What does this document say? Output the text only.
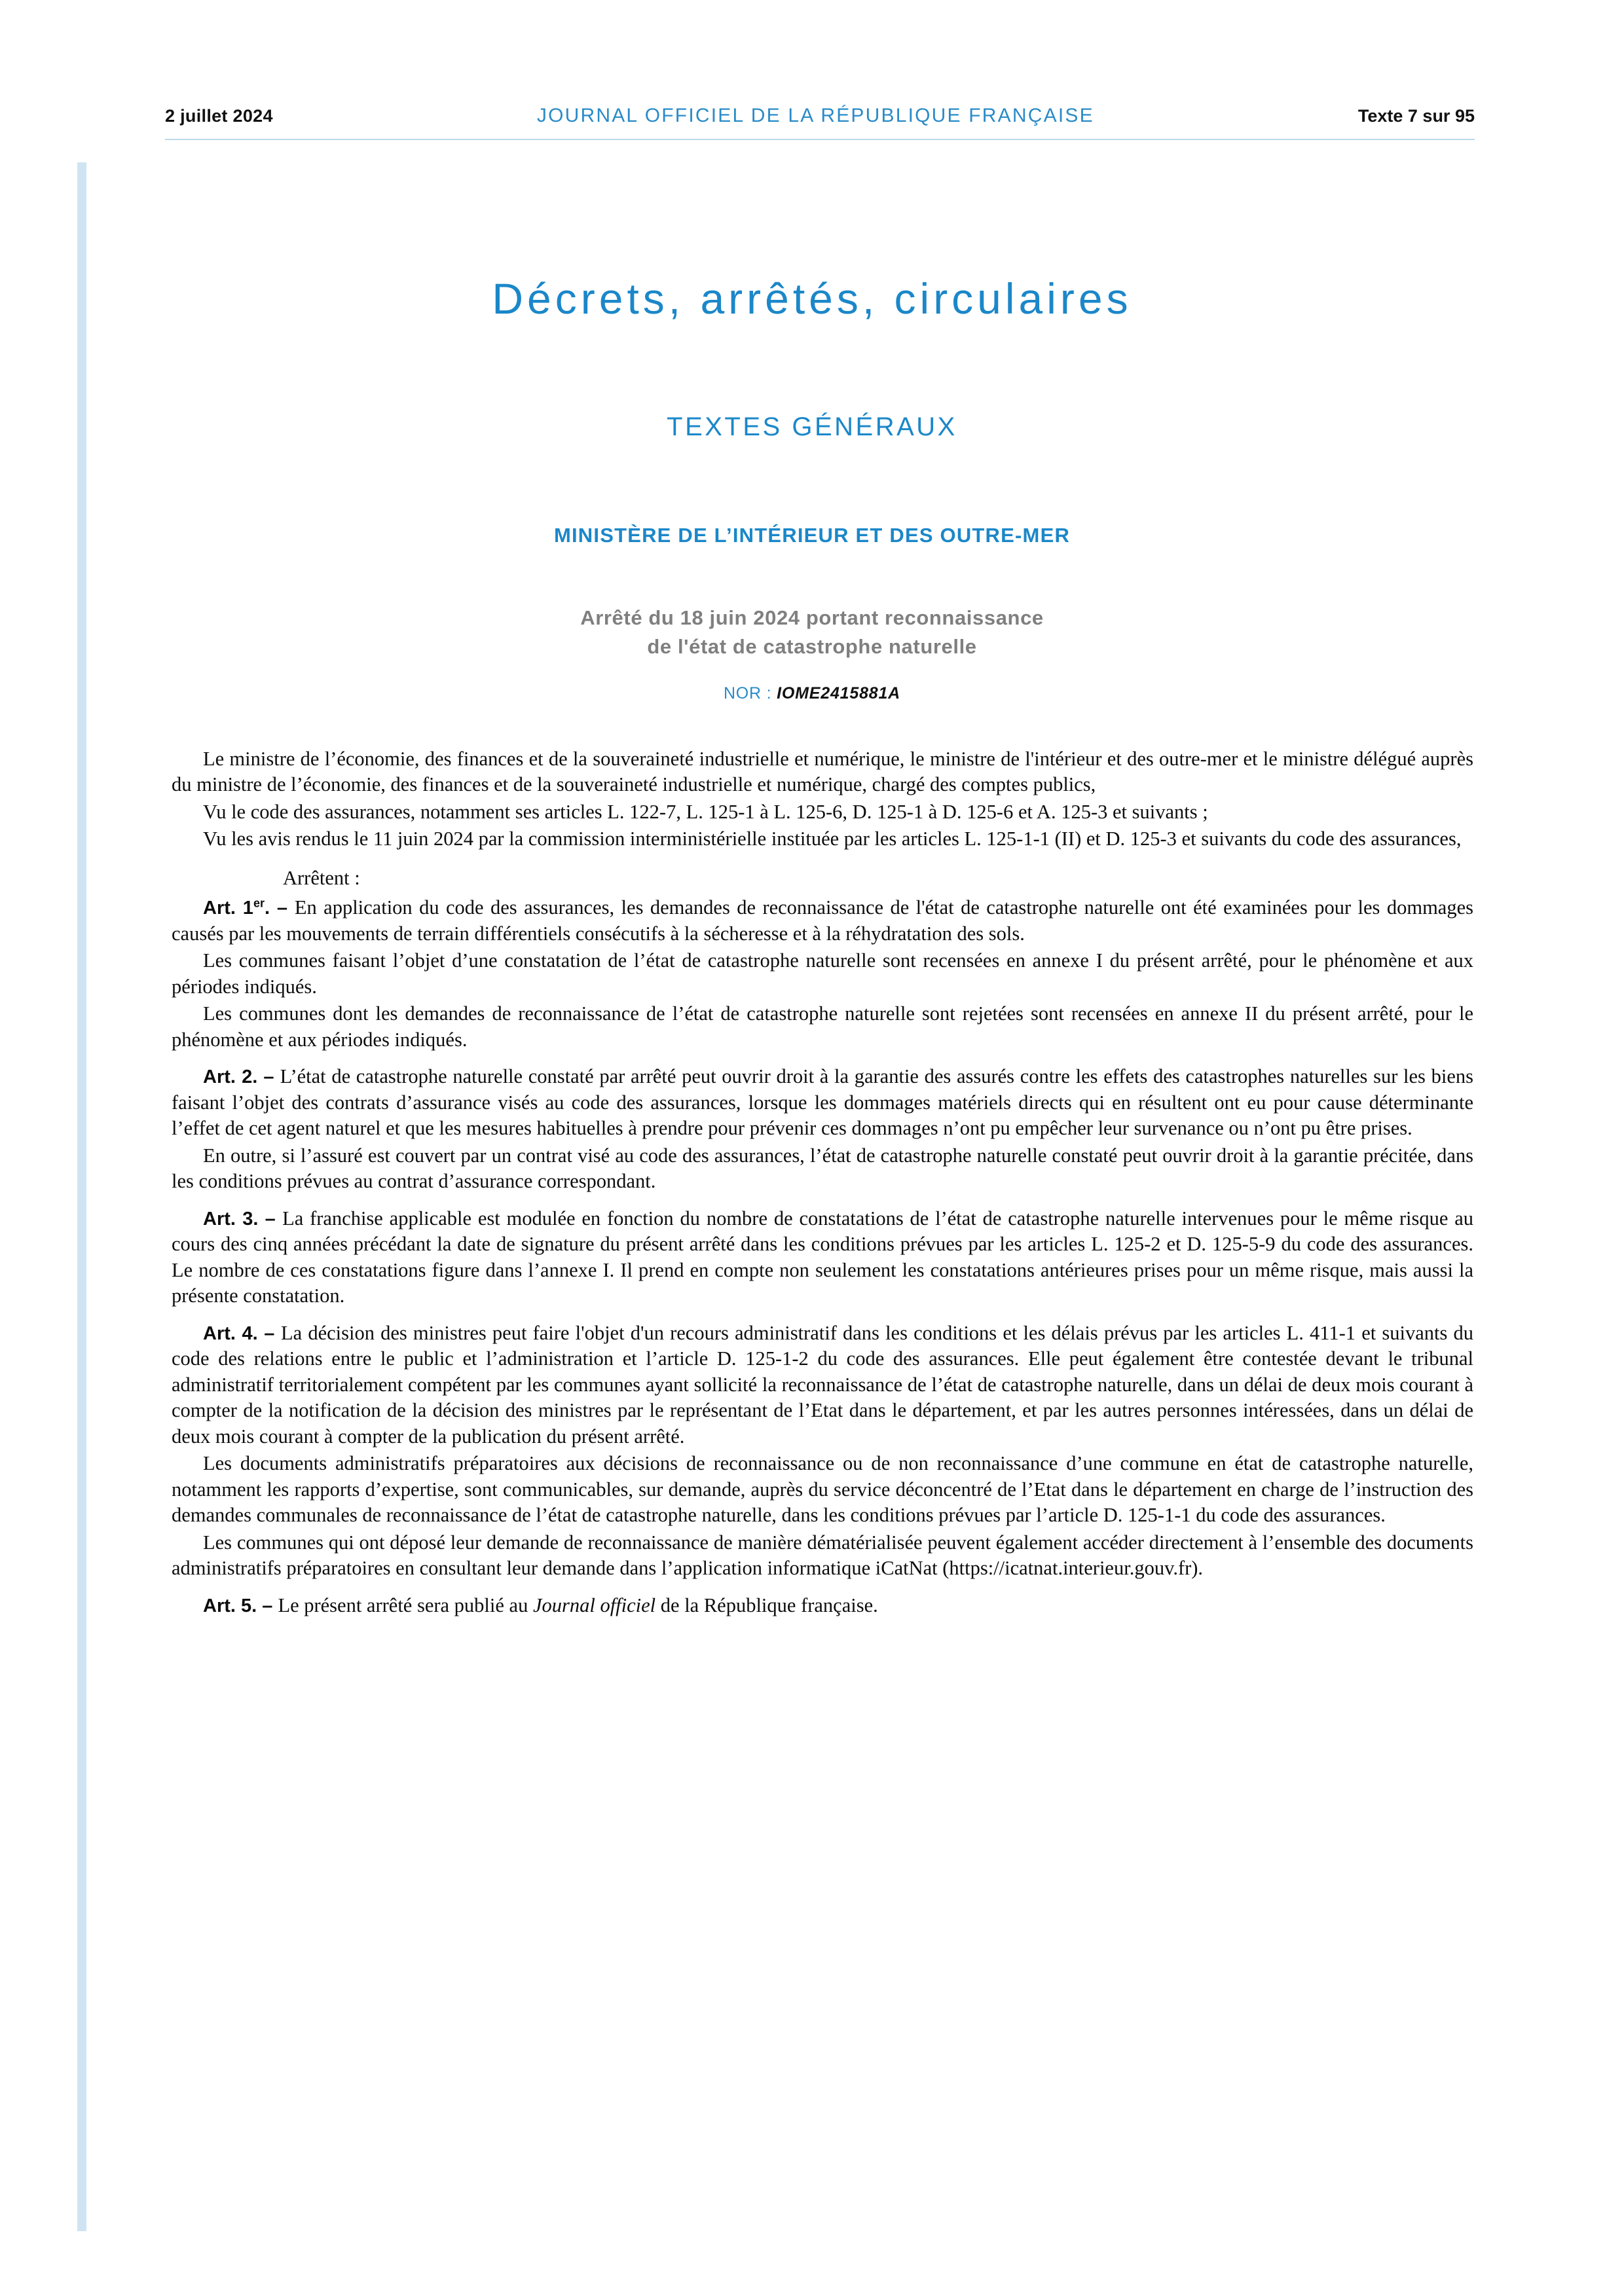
2 juillet 2024	JOURNAL OFFICIEL DE LA RÉPUBLIQUE FRANÇAISE	Texte 7 sur 95
Décrets, arrêtés, circulaires
TEXTES GÉNÉRAUX
MINISTÈRE DE L’INTÉRIEUR ET DES OUTRE-MER
Arrêté du 18 juin 2024 portant reconnaissance
de l'état de catastrophe naturelle
NOR : IOME2415881A

Le ministre de l’économie, des finances et de la souveraineté industrielle et numérique, le ministre de l'intérieur et des outre-mer et le ministre délégué auprès du ministre de l’économie, des finances et de la souveraineté industrielle et numérique, chargé des comptes publics,

Vu le code des assurances, notamment ses articles L. 122-7, L. 125-1 à L. 125-6, D. 125-1 à D. 125-6 et A. 125-3 et suivants ;

Vu les avis rendus le 11 juin 2024 par la commission interministérielle instituée par les articles L. 125-1-1 (II) et D. 125-3 et suivants du code des assurances,

Arrêtent :

Art. 1er. – En application du code des assurances, les demandes de reconnaissance de l'état de catastrophe naturelle ont été examinées pour les dommages causés par les mouvements de terrain différentiels consécutifs à la sécheresse et à la réhydratation des sols.

Les communes faisant l’objet d’une constatation de l’état de catastrophe naturelle sont recensées en annexe I du présent arrêté, pour le phénomène et aux périodes indiqués.

Les communes dont les demandes de reconnaissance de l’état de catastrophe naturelle sont rejetées sont recensées en annexe II du présent arrêté, pour le phénomène et aux périodes indiqués.

Art. 2. – L’état de catastrophe naturelle constaté par arrêté peut ouvrir droit à la garantie des assurés contre les effets des catastrophes naturelles sur les biens faisant l’objet des contrats d’assurance visés au code des assurances, lorsque les dommages matériels directs qui en résultent ont eu pour cause déterminante l’effet de cet agent naturel et que les mesures habituelles à prendre pour prévenir ces dommages n’ont pu empêcher leur survenance ou n’ont pu être prises.

En outre, si l’assuré est couvert par un contrat visé au code des assurances, l’état de catastrophe naturelle constaté peut ouvrir droit à la garantie précitée, dans les conditions prévues au contrat d’assurance correspondant.

Art. 3. – La franchise applicable est modulée en fonction du nombre de constatations de l’état de catastrophe naturelle intervenues pour le même risque au cours des cinq années précédant la date de signature du présent arrêté dans les conditions prévues par les articles L. 125-2 et D. 125-5-9 du code des assurances. Le nombre de ces constatations figure dans l’annexe I. Il prend en compte non seulement les constatations antérieures prises pour un même risque, mais aussi la présente constatation.

Art. 4. – La décision des ministres peut faire l'objet d'un recours administratif dans les conditions et les délais prévus par les articles L. 411-1 et suivants du code des relations entre le public et l’administration et l’article D. 125-1-2 du code des assurances. Elle peut également être contestée devant le tribunal administratif territorialement compétent par les communes ayant sollicité la reconnaissance de l’état de catastrophe naturelle, dans un délai de deux mois courant à compter de la notification de la décision des ministres par le représentant de l’Etat dans le département, et par les autres personnes intéressées, dans un délai de deux mois courant à compter de la publication du présent arrêté.

Les documents administratifs préparatoires aux décisions de reconnaissance ou de non reconnaissance d’une commune en état de catastrophe naturelle, notamment les rapports d’expertise, sont communicables, sur demande, auprès du service déconcentré de l’Etat dans le département en charge de l’instruction des demandes communales de reconnaissance de l’état de catastrophe naturelle, dans les conditions prévues par l’article D. 125-1-1 du code des assurances.

Les communes qui ont déposé leur demande de reconnaissance de manière dématérialisée peuvent également accéder directement à l’ensemble des documents administratifs préparatoires en consultant leur demande dans l’application informatique iCatNat (https://icatnat.interieur.gouv.fr).

Art. 5. – Le présent arrêté sera publié au Journal officiel de la République française.
